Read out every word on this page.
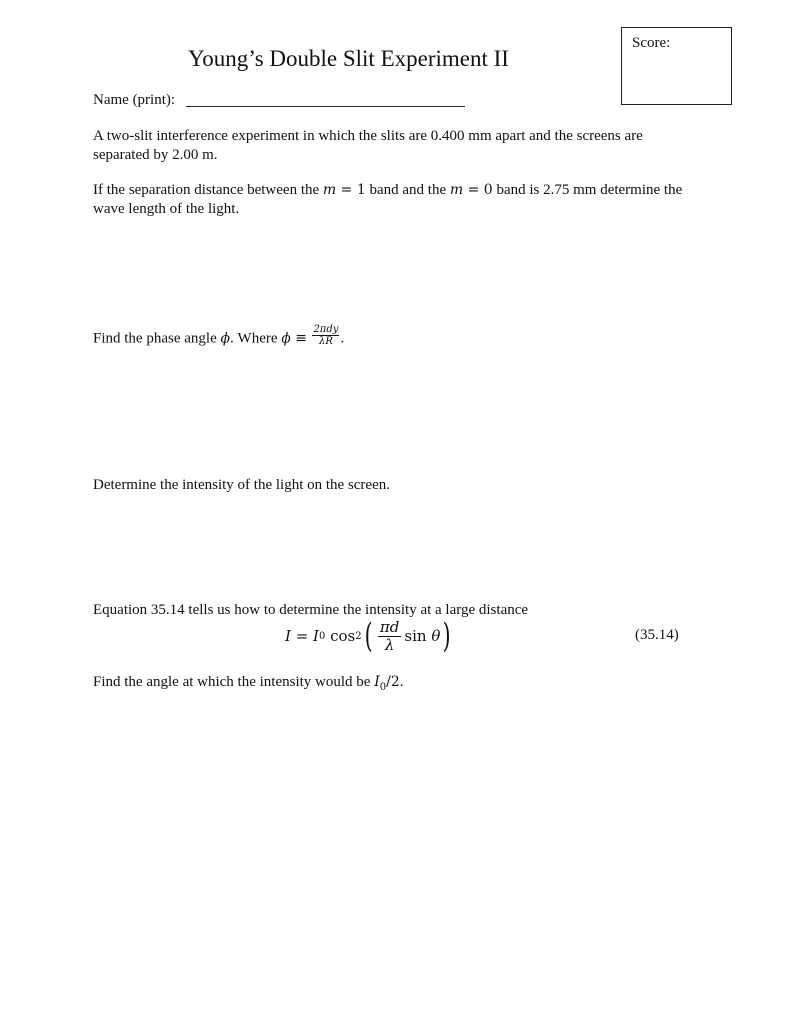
Score:
Young’s Double Slit Experiment II
Name (print):
A two-slit interference experiment in which the slits are 0.400 mm apart and the screens are
separated by 2.00 m.
If the separation distance between the m = 1 band and the m = 0 band is 2.75 mm determine the
wave length of the light.
Find the phase angle ϕ. Where $\phi \equiv \frac{\text{2πdy}}{\lambda R}$ .
Determine the intensity of the light on the screen.
Equation 35.14 tells us how to determine the intensity at a large distance
I = I 0 cos 2 ( $\frac{\pi d}{\lambda}$ sin θ )	(35.14)
Find the angle at which the intensity would be $I_0/2$.
